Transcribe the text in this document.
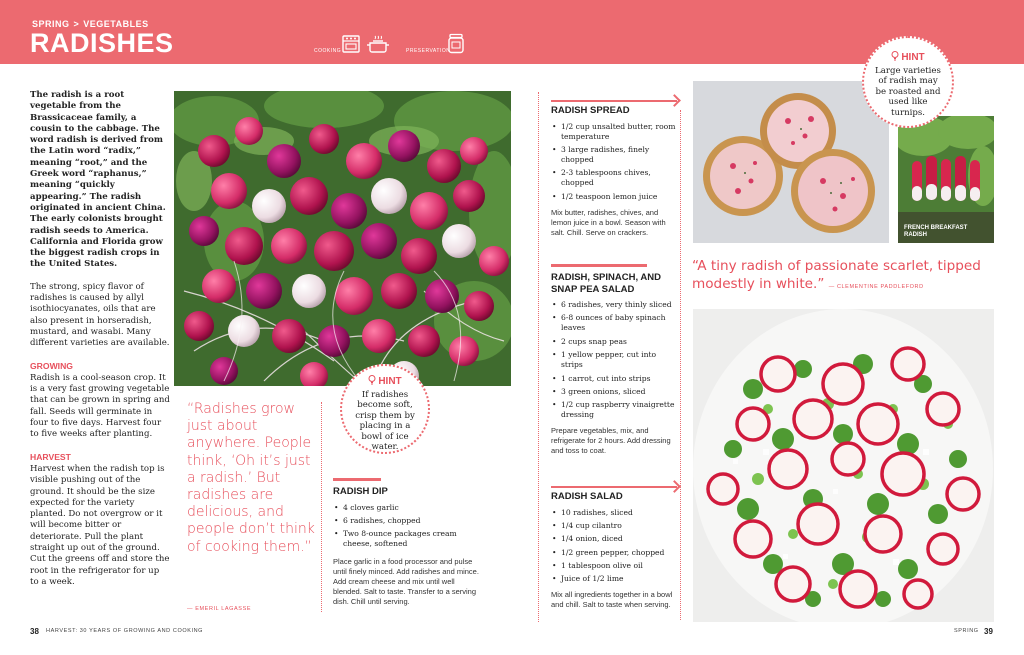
SPRING > VEGETABLES
RADISHES	COOKING	PRESERVATION

The radish is a root vegetable from the Brassicaceae family, a cousin to the cabbage. The word radish is derived from the Latin word “radix,” meaning “root,” and the Greek word “raphanus,” meaning “quickly appearing.” The radish originated in ancient China. The early colonists brought radish seeds to America. California and Florida grow the biggest radish crops in the United States.

The strong, spicy flavor of radishes is caused by allyl isothiocyanates, oils that are also present in horseradish, mustard, and wasabi. Many different varieties are available.

GROWING

Radish is a cool-season crop. It is a very fast growing vegetable that can be grown in spring and fall. Seeds will germinate in four to five days. Harvest four to five weeks after planting.

HARVEST

Harvest when the radish top is visible pushing out of the ground. It should be the size expected for the variety planted. Do not overgrow or it will become bitter or deteriorate. Pull the plant straight up out of the ground. Cut the greens off and store the root in the refrigerator for up to a week.

HINT
If radishes become soft, crisp them by placing in a bowl of ice water.
“Radishes grow just about anywhere. People think, ‘Oh it’s just a radish.’ But radishes are delicious, and people don’t think of cooking them.”
— EMERIL LAGASSE
RADISH DIP
• 4 cloves garlic
• 6 radishes, chopped
• Two 8-ounce packages cream cheese, softened
Place garlic in a food processor and pulse until finely minced. Add radishes and mince. Add cream cheese and mix until well blended. Salt to taste. Transfer to a serving dish. Chill until serving.
RADISH SPREAD
• 1/2 cup unsalted butter, room temperature
• 3 large radishes, finely chopped
• 2-3 tablespoons chives, chopped
• 1/2 teaspoon lemon juice
Mix butter, radishes, chives, and lemon juice in a bowl. Season with salt. Chill. Serve on crackers.
RADISH, SPINACH, AND SNAP PEA SALAD
• 6 radishes, very thinly sliced
• 6-8 ounces of baby spinach leaves
• 2 cups snap peas
• 1 yellow pepper, cut into strips
• 1 carrot, cut into strips
• 3 green onions, sliced
• 1/2 cup raspberry vinaigrette dressing
Prepare vegetables, mix, and refrigerate for 2 hours. Add dressing and toss to coat.
RADISH SALAD
• 10 radishes, sliced
• 1/4 cup cilantro
• 1/4 onion, diced
• 1/2 green pepper, chopped
• 1 tablespoon olive oil
• Juice of 1/2 lime
Mix all ingredients together in a bowl and chill. Salt to taste when serving.
FRENCH BREAKFAST RADISH
HINT
Large varieties of radish may be roasted and used like turnips.
“A tiny radish of passionate scarlet, tipped modestly in white.” — CLEMENTINE PADDLEFORD
38 HARVEST: 30 YEARS OF GROWING AND COOKING	SPRING 39
